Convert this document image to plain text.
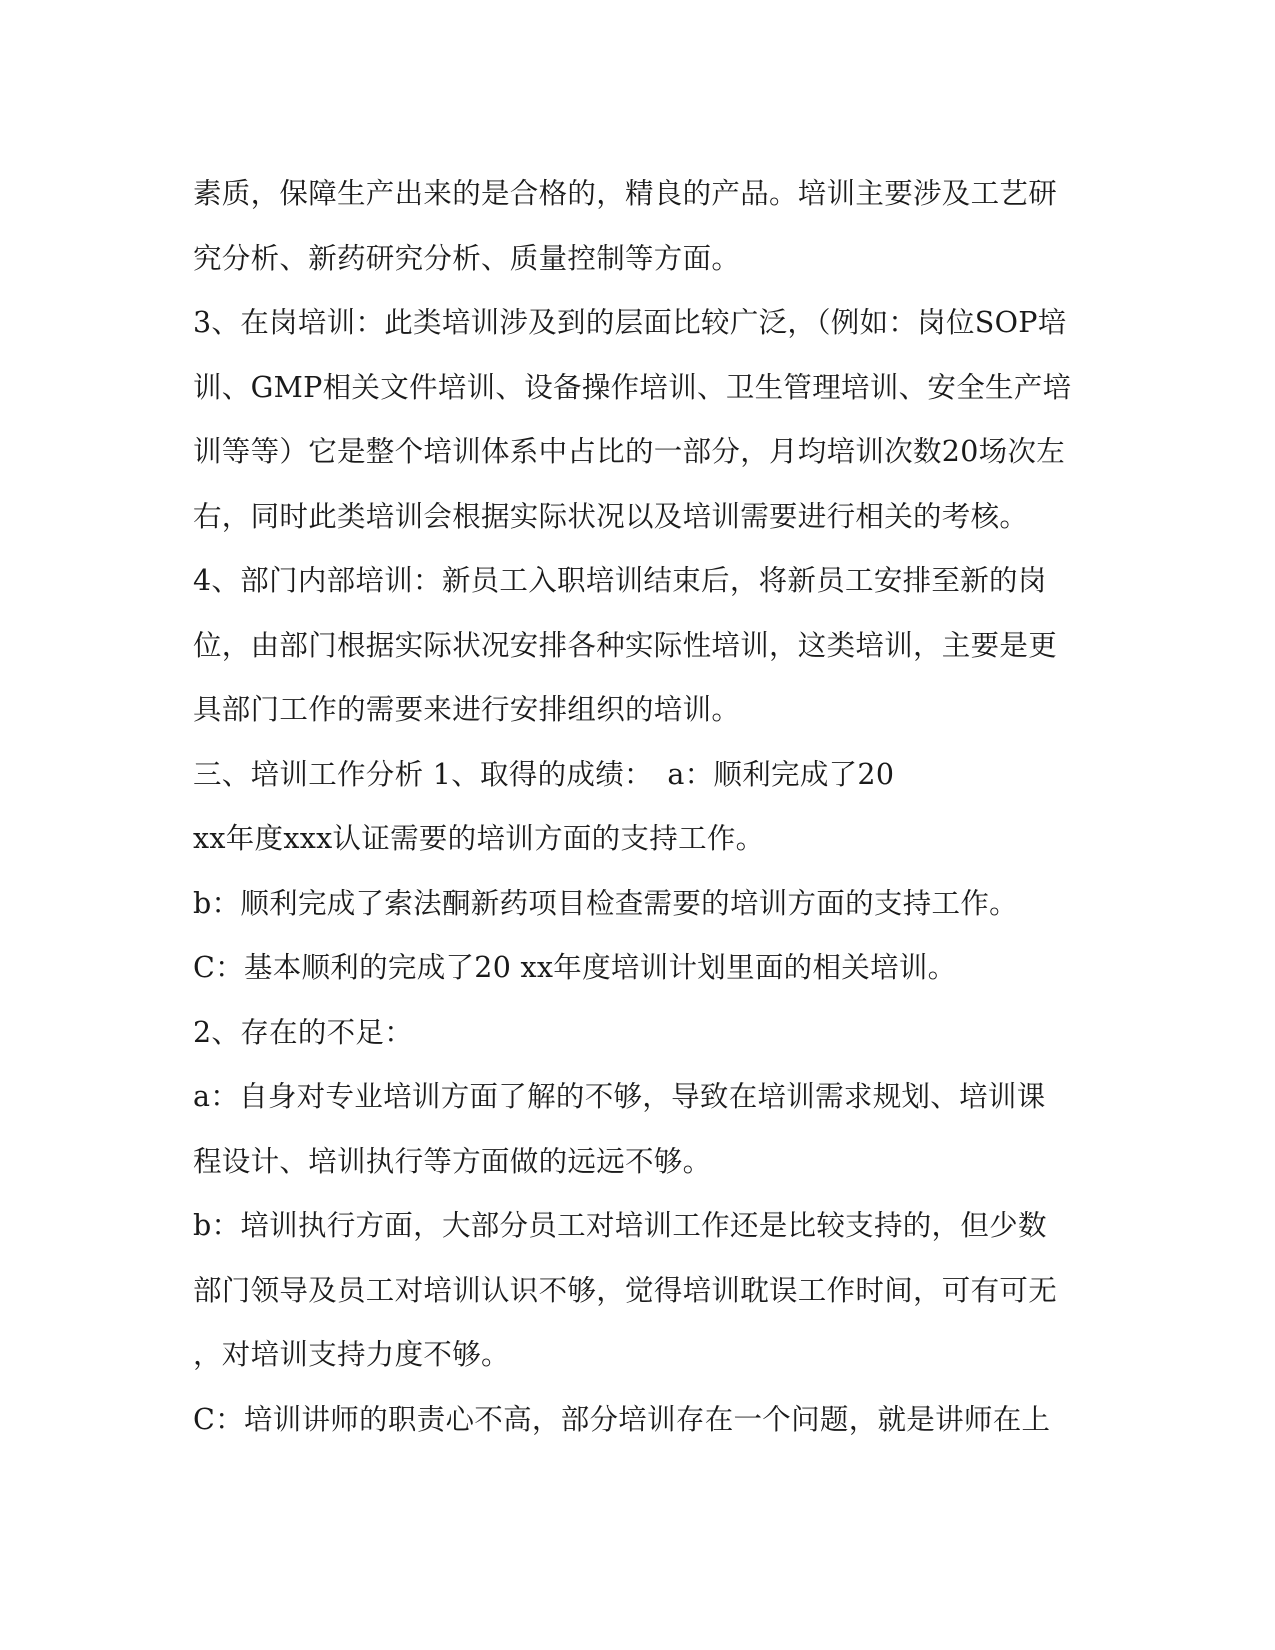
素质，保障生产出来的是合格的，精良的产品。培训主要涉及工艺研
究分析、新药研究分析、质量控制等方面。
3、在岗培训：此类培训涉及到的层面比较广泛，（例如：岗位SOP培
训、GMP相关文件培训、设备操作培训、卫生管理培训、安全生产培
训等等）它是整个培训体系中占比的一部分，月均培训次数20场次左
右，同时此类培训会根据实际状况以及培训需要进行相关的考核。
4、部门内部培训：新员工入职培训结束后，将新员工安排至新的岗
位，由部门根据实际状况安排各种实际性培训，这类培训，主要是更
具部门工作的需要来进行安排组织的培训。
三、培训工作分析 1、取得的成绩：　a：顺利完成了20
xx年度xxx认证需要的培训方面的支持工作。
b：顺利完成了索法酮新药项目检查需要的培训方面的支持工作。
C：基本顺利的完成了20 xx年度培训计划里面的相关培训。
2、存在的不足：
a：自身对专业培训方面了解的不够，导致在培训需求规划、培训课
程设计、培训执行等方面做的远远不够。
b：培训执行方面，大部分员工对培训工作还是比较支持的，但少数
部门领导及员工对培训认识不够，觉得培训耽误工作时间，可有可无
，对培训支持力度不够。
C：培训讲师的职责心不高，部分培训存在一个问题，就是讲师在上
